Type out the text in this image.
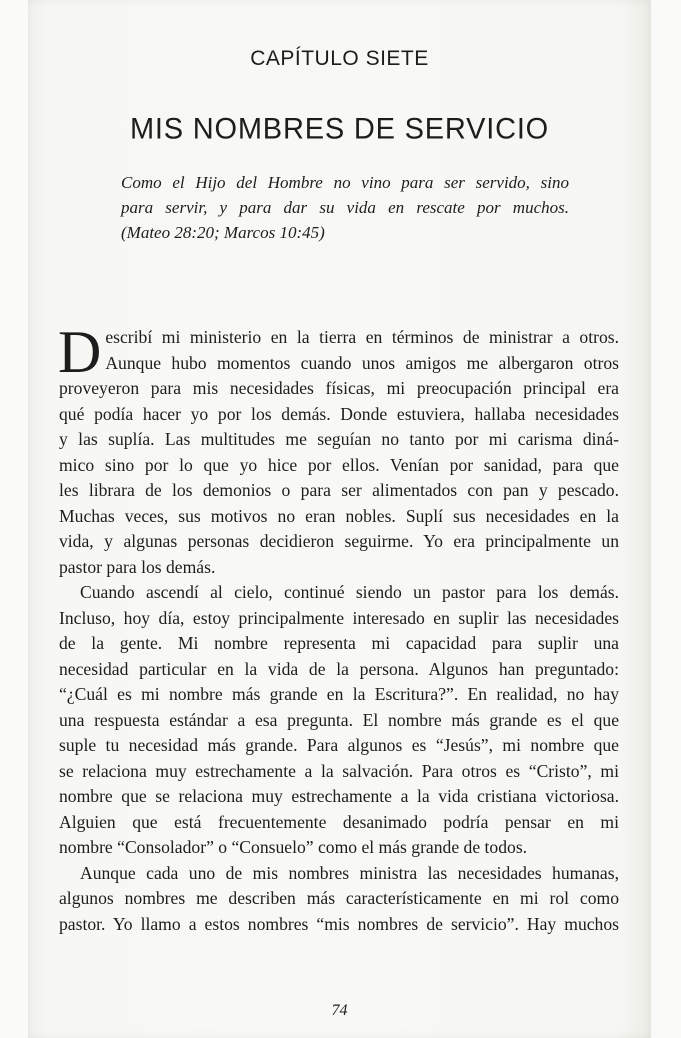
CAPÍTULO SIETE
MIS NOMBRES DE SERVICIO
Como el Hijo del Hombre no vino para ser servido, sino
para servir, y para dar su vida en rescate por muchos.
(Mateo 28:20; Marcos 10:45)
D escribí mi ministerio en la tierra en términos de ministrar a otros.
Aunque hubo momentos cuando unos amigos me albergaron otros
proveyeron para mis necesidades físicas, mi preocupación principal era
qué podía hacer yo por los demás. Donde estuviera, hallaba necesidades
y las suplía. Las multitudes me seguían no tanto por mi carisma diná-
mico sino por lo que yo hice por ellos. Venían por sanidad, para que
les librara de los demonios o para ser alimentados con pan y pescado.
Muchas veces, sus motivos no eran nobles. Suplí sus necesidades en la
vida, y algunas personas decidieron seguirme. Yo era principalmente un
pastor para los demás.
Cuando ascendí al cielo, continué siendo un pastor para los demás.
Incluso, hoy día, estoy principalmente interesado en suplir las necesidades
de la gente. Mi nombre representa mi capacidad para suplir una
necesidad particular en la vida de la persona. Algunos han preguntado:
“¿Cuál es mi nombre más grande en la Escritura?”. En realidad, no hay
una respuesta estándar a esa pregunta. El nombre más grande es el que
suple tu necesidad más grande. Para algunos es “Jesús”, mi nombre que
se relaciona muy estrechamente a la salvación. Para otros es “Cristo”, mi
nombre que se relaciona muy estrechamente a la vida cristiana victoriosa.
Alguien que está frecuentemente desanimado podría pensar en mi
nombre “Consolador” o “Consuelo” como el más grande de todos.
Aunque cada uno de mis nombres ministra las necesidades humanas,
algunos nombres me describen más característicamente en mi rol como
pastor. Yo llamo a estos nombres “mis nombres de servicio”. Hay muchos
74
